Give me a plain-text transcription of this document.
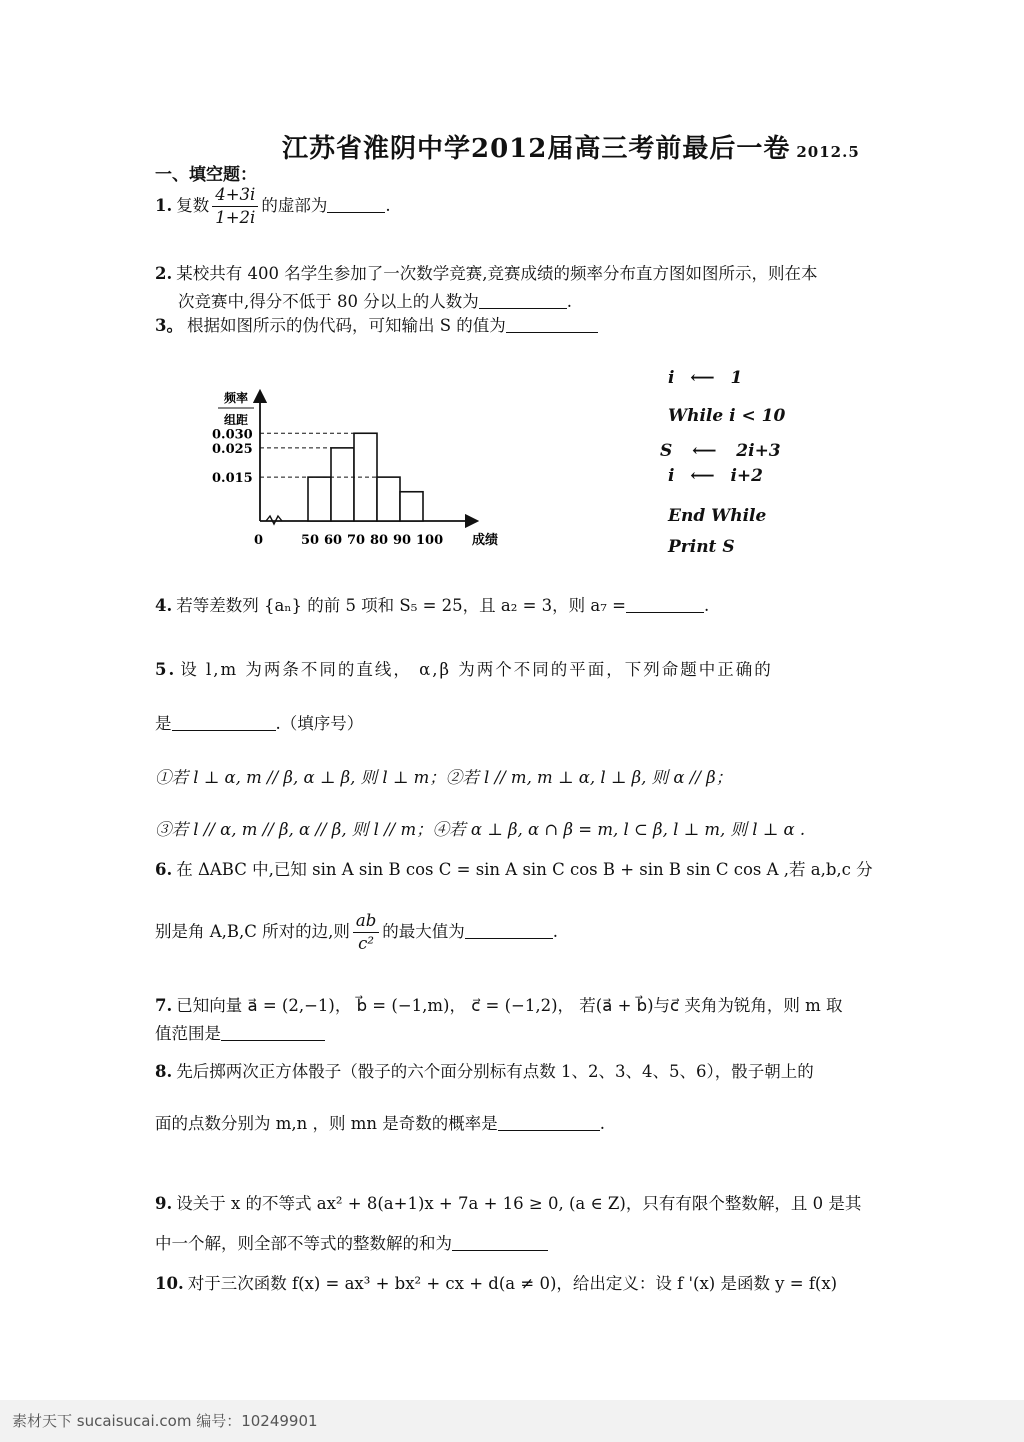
江苏省淮阴中学2012届高三考前最后一卷 2012.5
一、填空题：
1. 复数 $\frac{4+3i}{1+2i}$ 的虚部为	.
2. 某校共有 400 名学生参加了一次数学竞赛,竞赛成绩的频率分布直方图如图所示，则在本
次竞赛中,得分不低于 80 分以上的人数为	.
3。 根据如图所示的伪代码，可知输出 S 的值为
频率
组距
0.030
0.025
0.015
0	50 60 70 80 90 100 成绩
i ⟵ 1
While i < 10
S ⟵ 2i+3
i ⟵ i+2
End While
Print S
4. 若等差数列 {aₙ} 的前 5 项和 S₅ = 25，且 a₂ = 3，则 a₇ =	.
5. 设 l,m 为两条不同的直线， α,β 为两个不同的平面，下列命题中正确的
是	.（填序号）
①若 l ⊥ α, m // β, α ⊥ β, 则 l ⊥ m；②若 l // m, m ⊥ α, l ⊥ β, 则 α // β；
③若 l // α, m // β, α // β, 则 l // m；④若 α ⊥ β, α ∩ β = m, l ⊂ β, l ⊥ m, 则 l ⊥ α .
6. 在 ΔABC 中,已知 sin A sin B cos C = sin A sin C cos B + sin B sin C cos A ,若 a,b,c 分
别是角 A,B,C 所对的边,则 $\frac{ab}{\text{c²}}$ 的最大值为	.
7. 已知向量 a⃗ = (2,−1)， b⃗ = (−1,m)， c⃗ = (−1,2)， 若(a⃗ + b⃗)与c⃗ 夹角为锐角，则 m 取
值范围是
8. 先后掷两次正方体骰子（骰子的六个面分别标有点数 1、2、3、4、5、6），骰子朝上的
面的点数分别为 m,n ，则 mn 是奇数的概率是	.
9. 设关于 x 的不等式 ax² + 8(a+1)x + 7a + 16 ≥ 0, (a ∈ Z)，只有有限个整数解，且 0 是其
中一个解，则全部不等式的整数解的和为
10. 对于三次函数 f(x) = ax³ + bx² + cx + d(a ≠ 0)，给出定义：设 f '(x) 是函数 y = f(x)
素材天下 sucaisucai.com 编号：10249901
